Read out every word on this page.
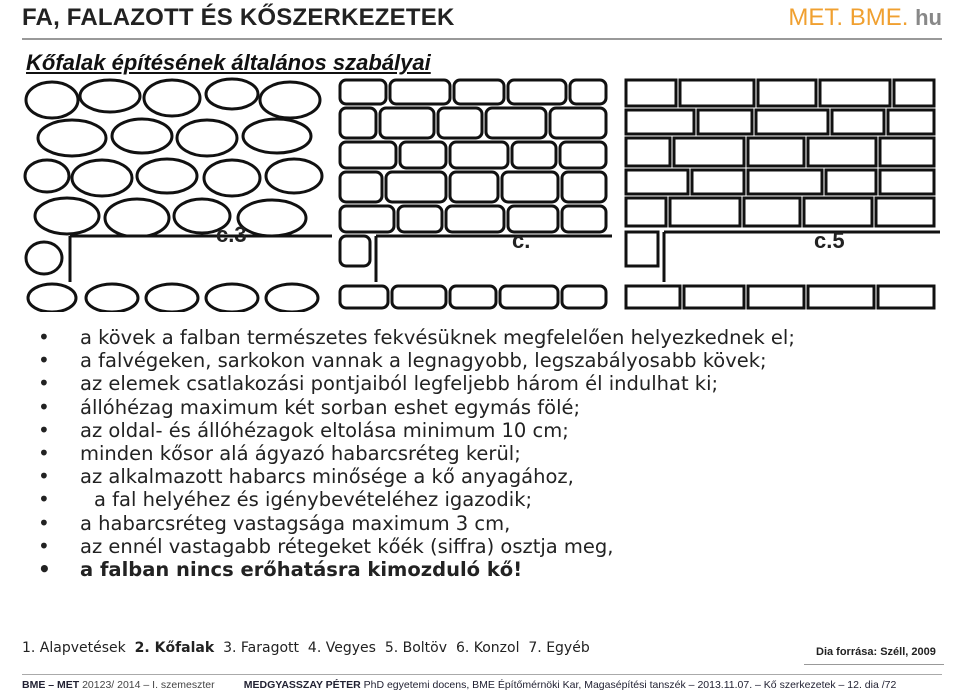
FA, FALAZOTT ÉS KŐSZERKEZETEK	MET. BME. hu
Kőfalak építésének általános szabályai
c.3	c.	c.5
• a kövek a falban természetes fekvésüknek megfelelően helyezkednek el;
• a falvégeken, sarkokon vannak a legnagyobb, legszabályosabb kövek;
• az elemek csatlakozási pontjaiból legfeljebb három él indulhat ki;
• állóhézag maximum két sorban eshet egymás fölé;
• az oldal- és állóhézagok eltolása minimum 10 cm;
• minden kősor alá ágyazó habarcsréteg kerül;
• az alkalmazott habarcs minősége a kő anyagához,
• a fal helyéhez és igénybevételéhez igazodik;
• a habarcsréteg vastagsága maximum 3 cm,
• az ennél vastagabb rétegeket kőék (siffra) osztja meg,
• a falban nincs erőhatásra kimozduló kő!
1. Alapvetések 2. Kőfalak 3. Faragott 4. Vegyes 5. Boltöv 6. Konzol 7. Egyéb	Dia forrása: Széll, 2009
BME – MET 20123/ 2014 – I. szemeszter	MEDGYASSZAY PÉTER PhD egyetemi docens, BME Építőmérnöki Kar, Magasépítési tanszék – 2013.11.07. – Kő szerkezetek – 12. dia /72
